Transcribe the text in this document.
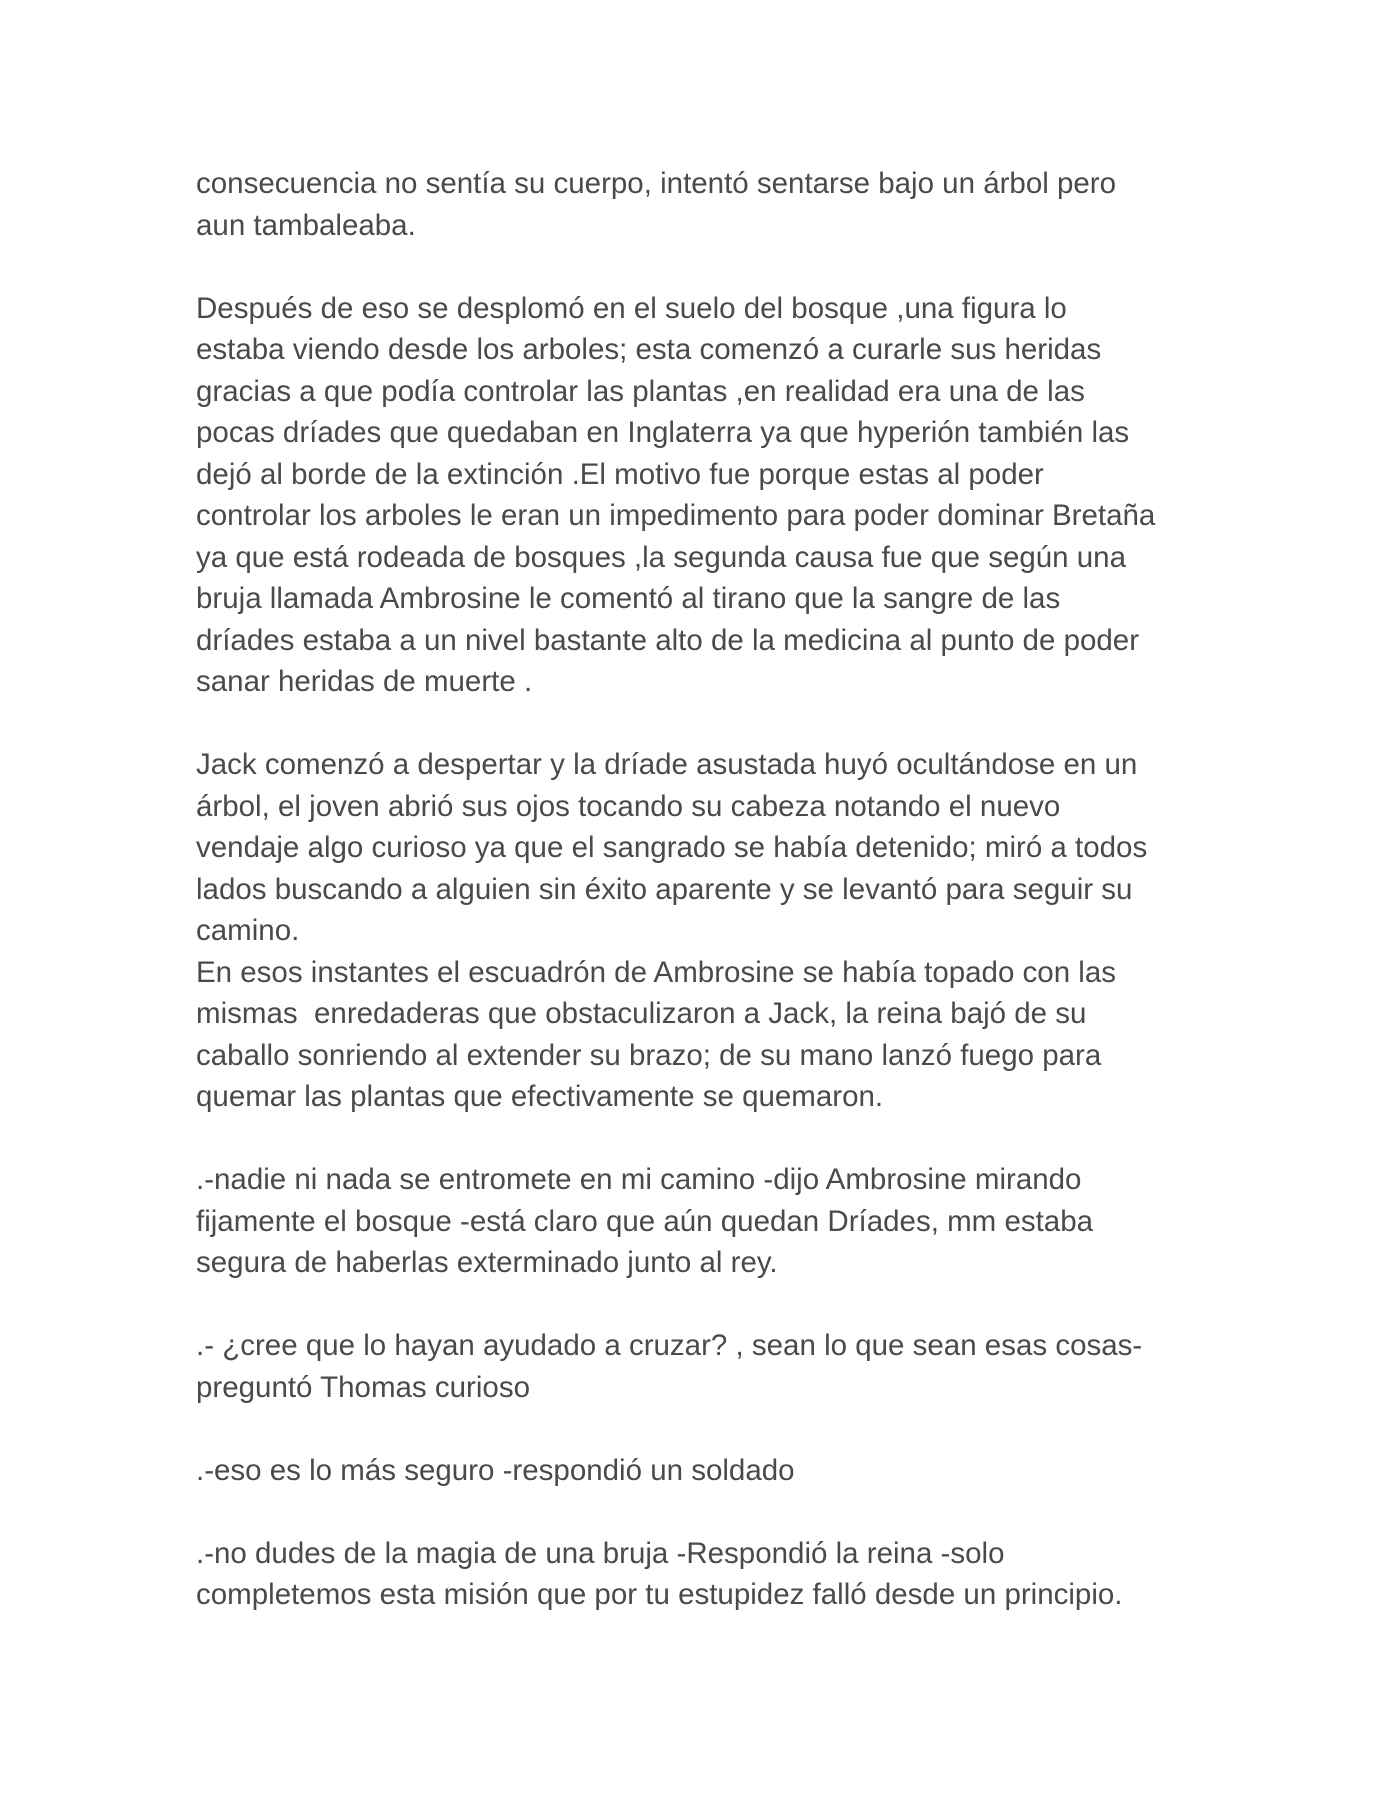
consecuencia no sentía su cuerpo, intentó sentarse bajo un árbol pero
aun tambaleaba.
Después de eso se desplomó en el suelo del bosque ,una figura lo
estaba viendo desde los arboles; esta comenzó a curarle sus heridas
gracias a que podía controlar las plantas ,en realidad era una de las
pocas dríades que quedaban en Inglaterra ya que hyperión también las
dejó al borde de la extinción .El motivo fue porque estas al poder
controlar los arboles le eran un impedimento para poder dominar Bretaña
ya que está rodeada de bosques ,la segunda causa fue que según una
bruja llamada Ambrosine le comentó al tirano que la sangre de las
dríades estaba a un nivel bastante alto de la medicina al punto de poder
sanar heridas de muerte .
Jack comenzó a despertar y la dríade asustada huyó ocultándose en un
árbol, el joven abrió sus ojos tocando su cabeza notando el nuevo
vendaje algo curioso ya que el sangrado se había detenido; miró a todos
lados buscando a alguien sin éxito aparente y se levantó para seguir su
camino.
En esos instantes el escuadrón de Ambrosine se había topado con las
mismas  enredaderas que obstaculizaron a Jack, la reina bajó de su
caballo sonriendo al extender su brazo; de su mano lanzó fuego para
quemar las plantas que efectivamente se quemaron.
.-nadie ni nada se entromete en mi camino -dijo Ambrosine mirando
fijamente el bosque -está claro que aún quedan Dríades, mm estaba
segura de haberlas exterminado junto al rey.
.- ¿cree que lo hayan ayudado a cruzar? , sean lo que sean esas cosas-
preguntó Thomas curioso
.-eso es lo más seguro -respondió un soldado
.-no dudes de la magia de una bruja -Respondió la reina -solo
completemos esta misión que por tu estupidez falló desde un principio.
